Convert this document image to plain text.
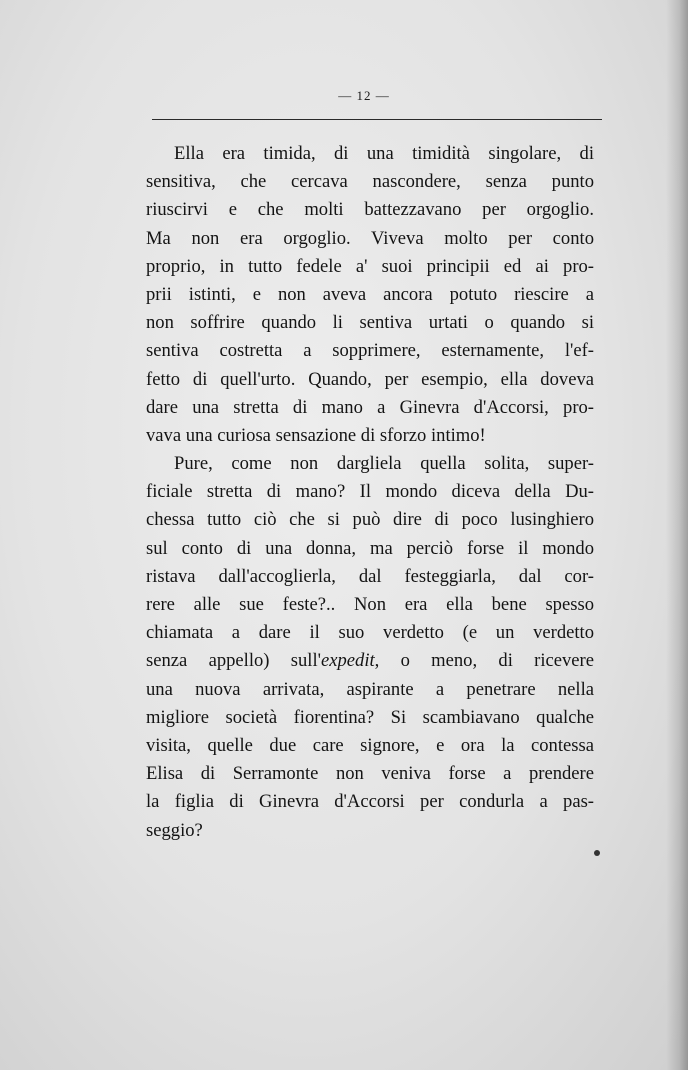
— 12 —
Ella era timida, di una timidità singolare, di
sensitiva, che cercava nascondere, senza punto
riuscirvi e che molti battezzavano per orgoglio.
Ma non era orgoglio. Viveva molto per conto
proprio, in tutto fedele a' suoi principii ed ai pro-
prii istinti, e non aveva ancora potuto riescire a
non soffrire quando li sentiva urtati o quando si
sentiva costretta a sopprimere, esternamente, l'ef-
fetto di quell'urto. Quando, per esempio, ella doveva
dare una stretta di mano a Ginevra d'Accorsi, pro-
vava una curiosa sensazione di sforzo intimo!
Pure, come non dargliela quella solita, super-
ficiale stretta di mano? Il mondo diceva della Du-
chessa tutto ciò che si può dire di poco lusinghiero
sul conto di una donna, ma perciò forse il mondo
ristava dall'accoglierla, dal festeggiarla, dal cor-
rere alle sue feste?.. Non era ella bene spesso
chiamata a dare il suo verdetto (e un verdetto
senza appello) sull'expedit, o meno, di ricevere
una nuova arrivata, aspirante a penetrare nella
migliore società fiorentina? Si scambiavano qualche
visita, quelle due care signore, e ora la contessa
Elisa di Serramonte non veniva forse a prendere
la figlia di Ginevra d'Accorsi per condurla a pas-
seggio?
